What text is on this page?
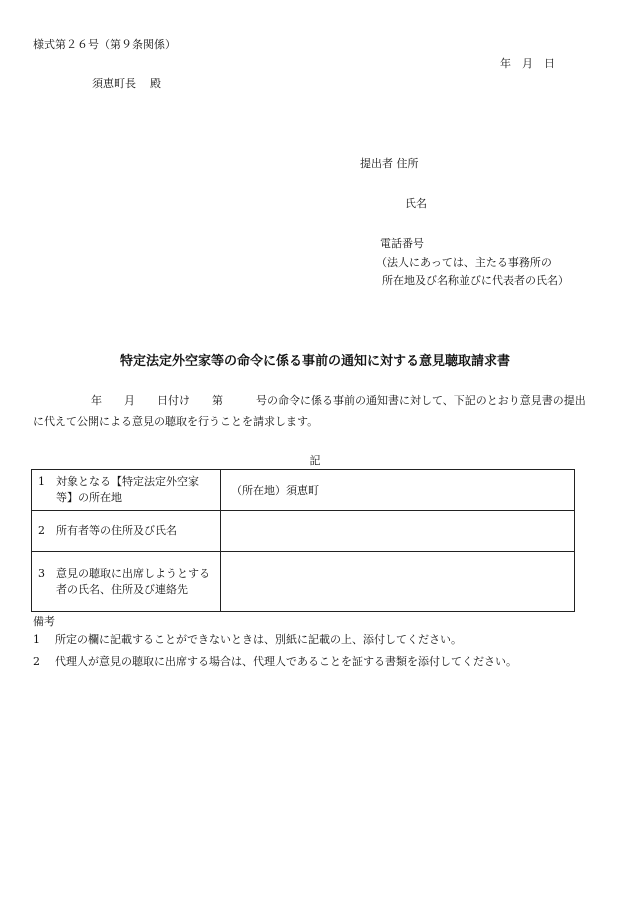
様式第２６号（第９条関係）
年　月　日
須恵町長 殿
提出者 住所
氏名
電話番号
（法人にあっては、主たる事務所の
所在地及び名称並びに代表者の氏名）
特定法定外空家等の命令に係る事前の通知に対する意見聴取請求書
年　　月　　日付け　　第　　　号の命令に係る事前の通知書に対して、下記のとおり意見書の提出に代えて公開による意見の聴取を行うことを請求します。
記
1 対象となる【特定法定外空家等】の所在地	（所在地）須恵町

2 所有者等の住所及び氏名	

3 意見の聴取に出席しようとする者の氏名、住所及び連絡先	

備考
1 所定の欄に記載することができないときは、別紙に記載の上、添付してください。
2 代理人が意見の聴取に出席する場合は、代理人であることを証する書類を添付してください。
